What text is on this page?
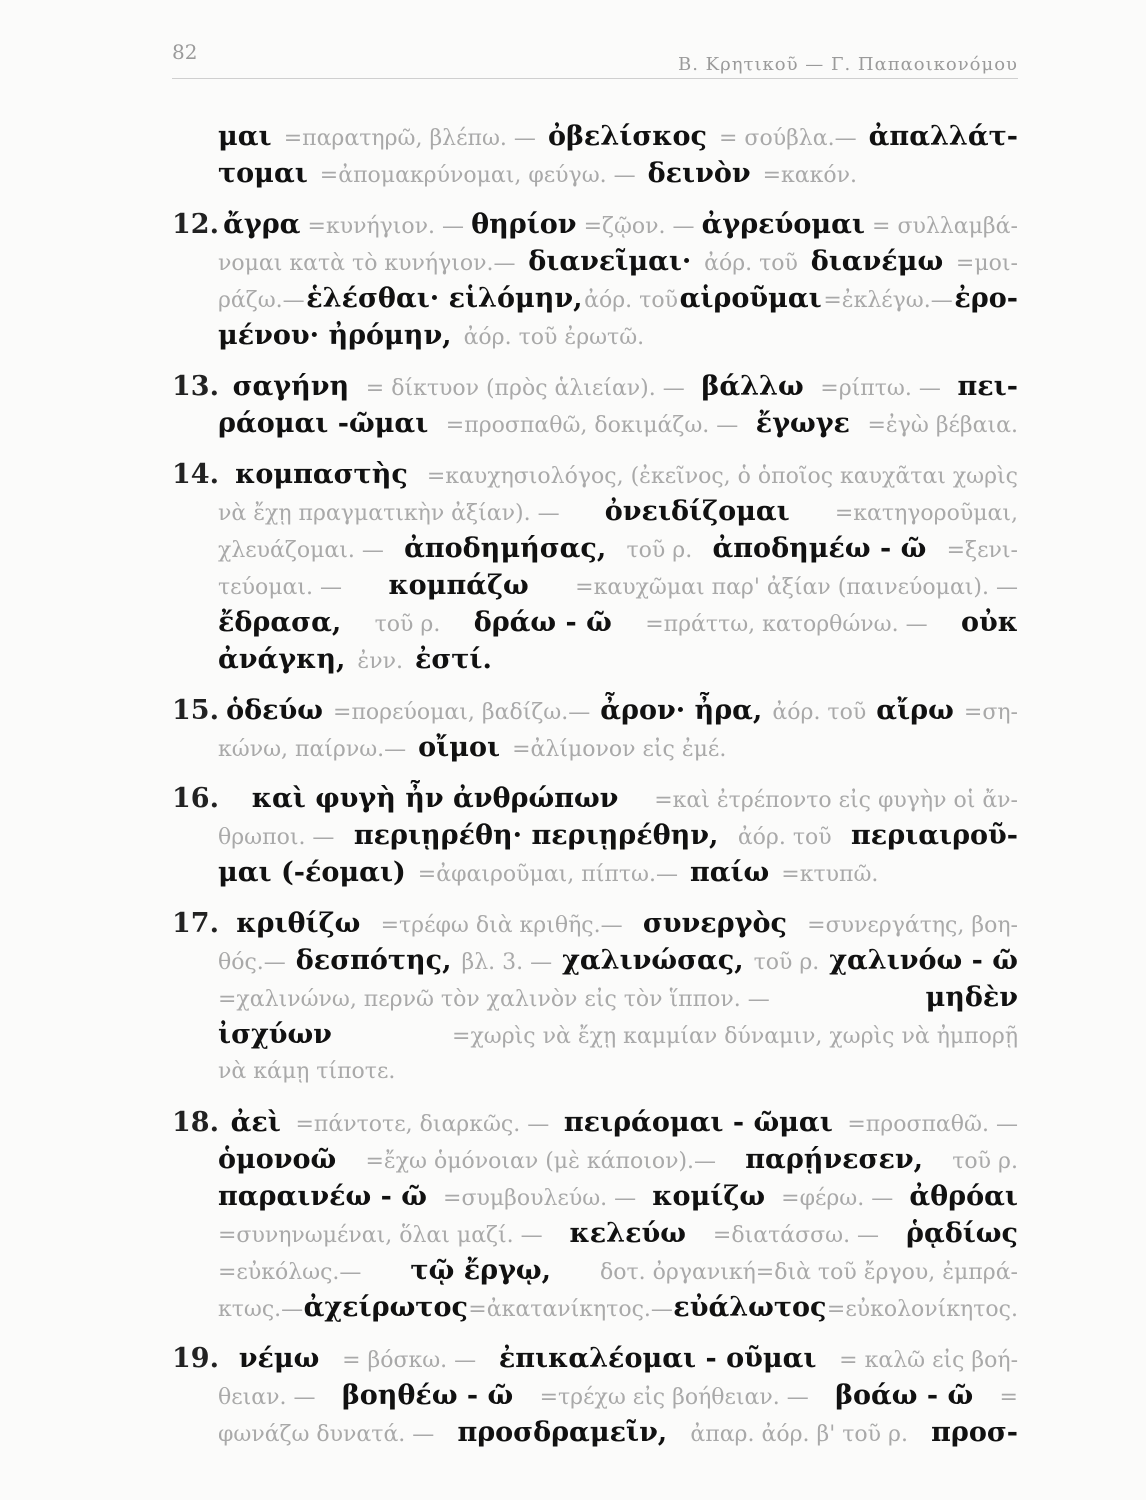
82
Β. Κρητικοῦ — Γ. Παπαοικονόμου
μαι =παρατηρῶ, βλέπω. — ὀβελίσκος = σούβλα.— ἀπαλλάτ-
τομαι =ἀπομακρύνομαι, φεύγω. — δεινὸν =κακόν.
12. ἄγρα =κυνήγιον. — θηρίον =ζῷον. — ἀγρεύομαι = συλλαμβά-
νομαι κατὰ τὸ κυνήγιον.— διανεῖμαι· ἀόρ. τοῦ διανέμω =μοι-
ράζω.— ἑλέσθαι· εἱλόμην, ἀόρ. τοῦ αἱροῦμαι =ἐκλέγω.— ἐρο-
μένου· ἠρόμην, ἀόρ. τοῦ ἐρωτῶ.
13. σαγήνη = δίκτυον (πρὸς ἁλιείαν). — βάλλω =ρίπτω. — πει-
ράομαι -ῶμαι =προσπαθῶ, δοκιμάζω. — ἔγωγε =ἐγὼ βέβαια.
14. κομπαστὴς =καυχησιολόγος, (ἐκεῖνος, ὁ ὁποῖος καυχᾶται χωρὶς
νὰ ἔχῃ πραγματικὴν ἀξίαν). — ὀνειδίζομαι =κατηγοροῦμαι,
χλευάζομαι. — ἀποδημήσας, τοῦ ρ. ἀποδημέω - ῶ =ξενι-
τεύομαι. — κομπάζω =καυχῶμαι παρ' ἀξίαν (παινεύομαι). —
ἔδρασα, τοῦ ρ. δράω - ῶ =πράττω, κατορθώνω. — οὐκ
ἀνάγκη, ἐνν. ἐστί.
15. ὁδεύω =πορεύομαι, βαδίζω.— ἆρον· ἦρα, ἀόρ. τοῦ αἴρω =ση-
κώνω, παίρνω.— οἴμοι =ἀλίμονον εἰς ἐμέ.
16. καὶ φυγὴ ἦν ἀνθρώπων =καὶ ἐτρέποντο εἰς φυγὴν οἱ ἄν-
θρωποι. — περιῃρέθη· περιῃρέθην, ἀόρ. τοῦ περιαιροῦ-
μαι (-έομαι) =ἀφαιροῦμαι, πίπτω.— παίω =κτυπῶ.
17. κριθίζω =τρέφω διὰ κριθῆς.— συνεργὸς =συνεργάτης, βοη-
θός.— δεσπότης, βλ. 3. — χαλινώσας, τοῦ ρ. χαλινόω - ῶ
=χαλινώνω, περνῶ τὸν χαλινὸν εἰς τὸν ἵππον. —	μηδὲν
ἰσχύων	=χωρὶς νὰ ἔχῃ καμμίαν δύναμιν, χωρὶς νὰ ἠμπορῇ
νὰ κάμῃ τίποτε.
18. ἀεὶ =πάντοτε, διαρκῶς. — πειράομαι - ῶμαι =προσπαθῶ. —
ὁμονοῶ =ἔχω ὁμόνοιαν (μὲ κάποιον).— παρῄνεσεν, τοῦ ρ.
παραινέω - ῶ =συμβουλεύω. — κομίζω =φέρω. — ἀθρόαι
=συνηνωμέναι, ὅλαι μαζί. — κελεύω =διατάσσω. — ῥᾳδίως
=εὐκόλως.— τῷ ἔργῳ, δοτ. ὀργανική=διὰ τοῦ ἔργου, ἐμπρά-
κτως.— ἀχείρωτος =ἀκατανίκητος.— εὐάλωτος =εὐκολονίκητος.
19. νέμω = βόσκω. — ἐπικαλέομαι - οῦμαι = καλῶ εἰς βοή-
θειαν. — βοηθέω - ῶ =τρέχω εἰς βοήθειαν. — βοάω - ῶ =
φωνάζω δυνατά. — προσδραμεῖν, ἀπαρ. ἀόρ. β' τοῦ ρ. προσ-
